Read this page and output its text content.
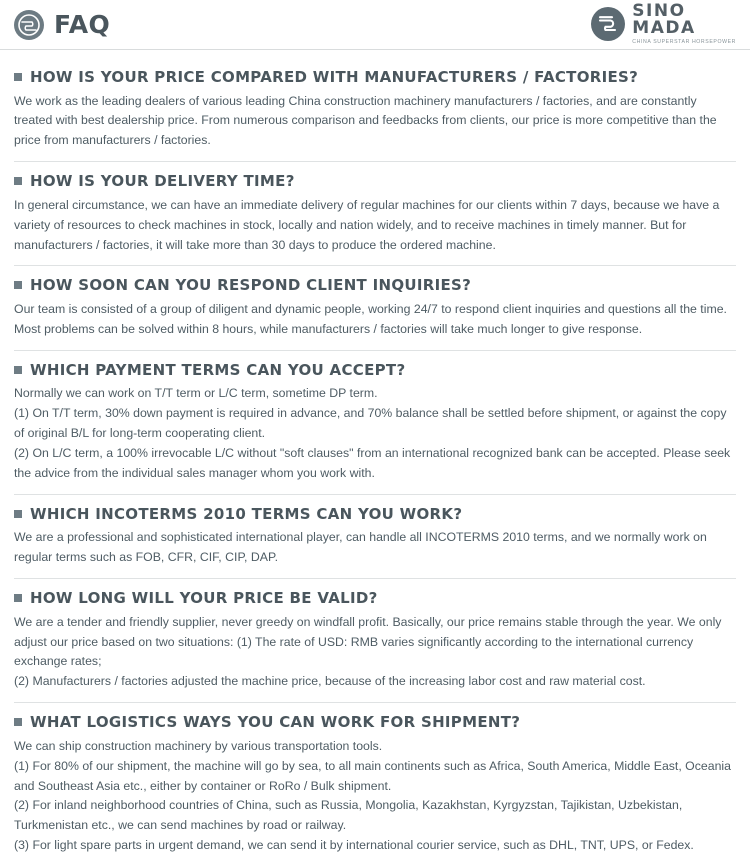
FAQ	SINO
MADA
CHINA SUPERSTAR HORSEPOWER
HOW IS YOUR PRICE COMPARED WITH MANUFACTURERS / FACTORIES?

We work as the leading dealers of various leading China construction machinery manufacturers / factories, and are constantly treated with best dealership price. From numerous comparison and feedbacks from clients, our price is more competitive than the price from manufacturers / factories.

HOW IS YOUR DELIVERY TIME?

In general circumstance, we can have an immediate delivery of regular machines for our clients within 7 days, because we have a variety of resources to check machines in stock, locally and nation widely, and to receive machines in timely manner. But for manufacturers / factories, it will take more than 30 days to produce the ordered machine.

HOW SOON CAN YOU RESPOND CLIENT INQUIRIES?

Our team is consisted of a group of diligent and dynamic people, working 24/7 to respond client inquiries and questions all the time. Most problems can be solved within 8 hours, while manufacturers / factories will take much longer to give response.

WHICH PAYMENT TERMS CAN YOU ACCEPT?

Normally we can work on T/T term or L/C term, sometime DP term.

(1) On T/T term, 30% down payment is required in advance, and 70% balance shall be settled before shipment, or against the copy of original B/L for long-term cooperating client.

(2) On L/C term, a 100% irrevocable L/C without "soft clauses" from an international recognized bank can be accepted. Please seek the advice from the individual sales manager whom you work with.

WHICH INCOTERMS 2010 TERMS CAN YOU WORK?

We are a professional and sophisticated international player, can handle all INCOTERMS 2010 terms, and we normally work on regular terms such as FOB, CFR, CIF, CIP, DAP.

HOW LONG WILL YOUR PRICE BE VALID?

We are a tender and friendly supplier, never greedy on windfall profit. Basically, our price remains stable through the year. We only adjust our price based on two situations: (1) The rate of USD: RMB varies significantly according to the international currency exchange rates;

(2) Manufacturers / factories adjusted the machine price, because of the increasing labor cost and raw material cost.

WHAT LOGISTICS WAYS YOU CAN WORK FOR SHIPMENT?

We can ship construction machinery by various transportation tools.

(1) For 80% of our shipment, the machine will go by sea, to all main continents such as Africa, South America, Middle East, Oceania and Southeast Asia etc., either by container or RoRo / Bulk shipment.

(2) For inland neighborhood countries of China, such as Russia, Mongolia, Kazakhstan, Kyrgyzstan, Tajikistan, Uzbekistan, Turkmenistan etc., we can send machines by road or railway.

(3) For light spare parts in urgent demand, we can send it by international courier service, such as DHL, TNT, UPS, or Fedex.
